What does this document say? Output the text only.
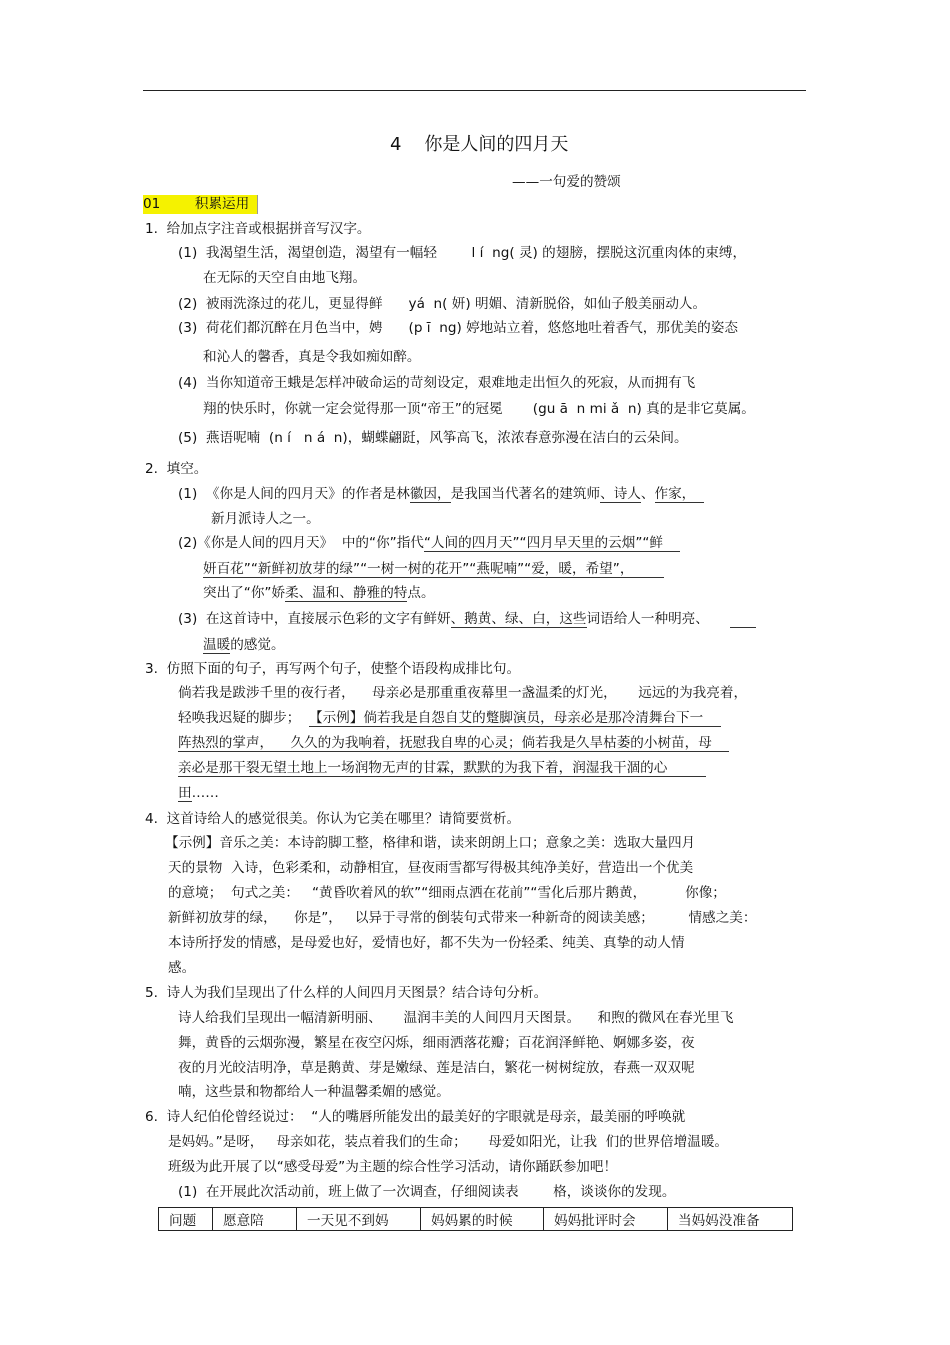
4    你是人间的四月天
——一句爱的赞颂
01        积累运用
1.  给加点字注音或根据拼音写汉字。
(1)  我渴望生活，渴望创造，渴望有一幅轻        l í  ng( 灵) 的翅膀，摆脱这沉重肉体的束缚，
在无际的天空自由地飞翔。
(2)  被雨洗涤过的花儿，更显得鲜      yá  n( 妍) 明媚、清新脱俗，如仙子般美丽动人。
(3)  荷花们都沉醉在月色当中，娉      (p ī  ng) 婷地站立着，悠悠地吐着香气，那优美的姿态
和沁人的馨香，真是令我如痴如醉。
(4)  当你知道帝王蛾是怎样冲破命运的苛刻设定，艰难地走出恒久的死寂，从而拥有飞
翔的快乐时，你就一定会觉得那一顶“帝王”的冠冕       (gu ā  n mi ǎ  n) 真的是非它莫属。
(5)  燕语呢喃  (n í   n á  n)，蝴蝶翩跹，风筝高飞，浓浓春意弥漫在洁白的云朵间。
2.  填空。
(1)  《你是人间的四月天》的作者是林徽因，是我国当代著名的建筑师、诗人、作家，
新月派诗人之一。
(2)《你是人间的四月天》  中的“你”指代“人间的四月天”“四月早天里的云烟”“鲜
妍百花”“新鲜初放芽的绿”“一树一树的花开”“燕呢喃”“爱，暖，希望”，
突出了“你”娇柔、温和、静雅的特点。
(3)  在这首诗中，直接展示色彩的文字有鲜妍、鹅黄、绿、白，这些词语给人一种明亮、
温暖的感觉。
3.  仿照下面的句子，再写两个句子，使整个语段构成排比句。
倘若我是跋涉千里的夜行者，    母亲必是那重重夜幕里一盏温柔的灯光，     远远的为我亮着，
轻唤我迟疑的脚步；  【示例】倘若我是自怨自艾的蹩脚演员，母亲必是那冷清舞台下一
阵热烈的掌声，    久久的为我响着，抚慰我自卑的心灵；倘若我是久旱枯萎的小树苗，母
亲必是那干裂无望土地上一场润物无声的甘霖，默默的为我下着，润湿我干涸的心
田……
4.  这首诗给人的感觉很美。你认为它美在哪里？请简要赏析。
【示例】音乐之美：本诗韵脚工整，格律和谐，读来朗朗上口；意象之美：选取大量四月
天的景物  入诗，色彩柔和，动静相宜，昼夜雨雪都写得极其纯净美好，营造出一个优美
的意境；  句式之美：   “黄昏吹着风的软”“细雨点洒在花前”“雪化后那片鹅黄，         你像；
新鲜初放芽的绿，    你是”，   以异于寻常的倒装句式带来一种新奇的阅读美感；        情感之美：
本诗所抒发的情感，是母爱也好，爱情也好，都不失为一份轻柔、纯美、真挚的动人情
感。
5.  诗人为我们呈现出了什么样的人间四月天图景？结合诗句分析。
诗人给我们呈现出一幅清新明丽、     温润丰美的人间四月天图景。    和煦的微风在春光里飞
舞，黄昏的云烟弥漫，繁星在夜空闪烁，细雨洒落花瓣；百花润泽鲜艳、婀娜多姿，夜
夜的月光皎洁明净，草是鹅黄、芽是嫩绿、莲是洁白，繁花一树树绽放，春燕一双双呢
喃，这些景和物都给人一种温馨柔媚的感觉。
6.  诗人纪伯伦曾经说过：  “人的嘴唇所能发出的最美好的字眼就是母亲，最美丽的呼唤就
是妈妈。”是呀，   母亲如花，装点着我们的生命；     母爱如阳光，让我  们的世界倍增温暖。
班级为此开展了以“感受母爱”为主题的综合性学习活动，请你踊跃参加吧！
(1)  在开展此次活动前，班上做了一次调查，仔细阅读表        格，谈谈你的发现。
问题	愿意陪	一天见不到妈	妈妈累的时候	妈妈批评时会	当妈妈没准备
